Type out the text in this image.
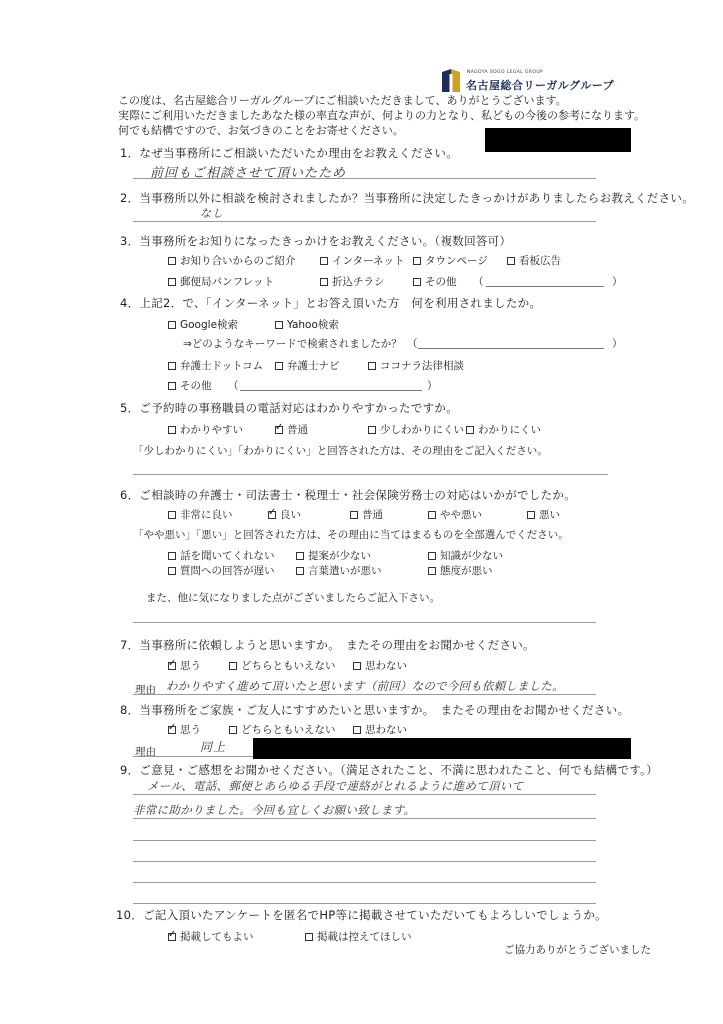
NAGOYA SOGO LEGAL GROUP
名古屋総合リーガルグループ
この度は、名古屋総合リーガルグループにご相談いただきまして、ありがとうございます。
実際にご利用いただきましたあなた様の率直な声が、何よりの力となり、私どもの今後の参考になります。
何でも結構ですので、お気づきのことをお寄せください。
1．なぜ当事務所にご相談いただいたか理由をお教えください。
前回もご相談させて頂いたため
2．当事務所以外に相談を検討されましたか？当事務所に決定したきっかけがありましたらお教えください。
なし
3．当事務所をお知りになったきっかけをお教えください。（複数回答可）
お知り合いからのご紹介	インターネット	タウンページ	看板広告
郵便局パンフレット	折込チラシ	その他 （	）
4．上記2．で、「インターネット」とお答え頂いた方　何を利用されましたか。
Google検索	Yahoo検索
⇒どのようなキーワードで検索されましたか？　（	）
弁護士ドットコム	弁護士ナビ	ココナラ法律相談
その他 （	）
5．ご予約時の事務職員の電話対応はわかりやすかったですか。
わかりやすい ✓	普通	少しわかりにくい	わかりにくい
「少しわかりにくい」「わかりにくい」と回答された方は、その理由をご記入ください。
6．ご相談時の弁護士・司法書士・税理士・社会保険労務士の対応はいかがでしたか。
非常に良い ✓	良い	普通	やや悪い	悪い
「やや悪い」「悪い」と回答された方は、その理由に当てはまるものを全部選んでください。
話を聞いてくれない	提案が少ない	知識が少ない
質問への回答が遅い	言葉遣いが悪い	態度が悪い
また、他に気になりました点がございましたらご記入下さい。
7．当事務所に依頼しようと思いますか。　またその理由をお聞かせください。
✓思う	どちらともいえない	思わない
理由 わかりやすく進めて頂いたと思います（前回）なので今回も依頼しました。
8．当事務所をご家族・ご友人にすすめたいと思いますか。　またその理由をお聞かせください。
✓思う	どちらともいえない	思わない
理由	同上
9．ご意見・ご感想をお聞かせください。（満足されたこと、不満に思われたこと、何でも結構です。）
メール、電話、郵便とあらゆる手段で連絡がとれるように進めて頂いて
非常に助かりました。今回も宜しくお願い致します。
10．ご記入頂いたアンケートを匿名でHP等に掲載させていただいてもよろしいでしょうか。
✓掲載してもよい	掲載は控えてほしい
ご協力ありがとうございました
